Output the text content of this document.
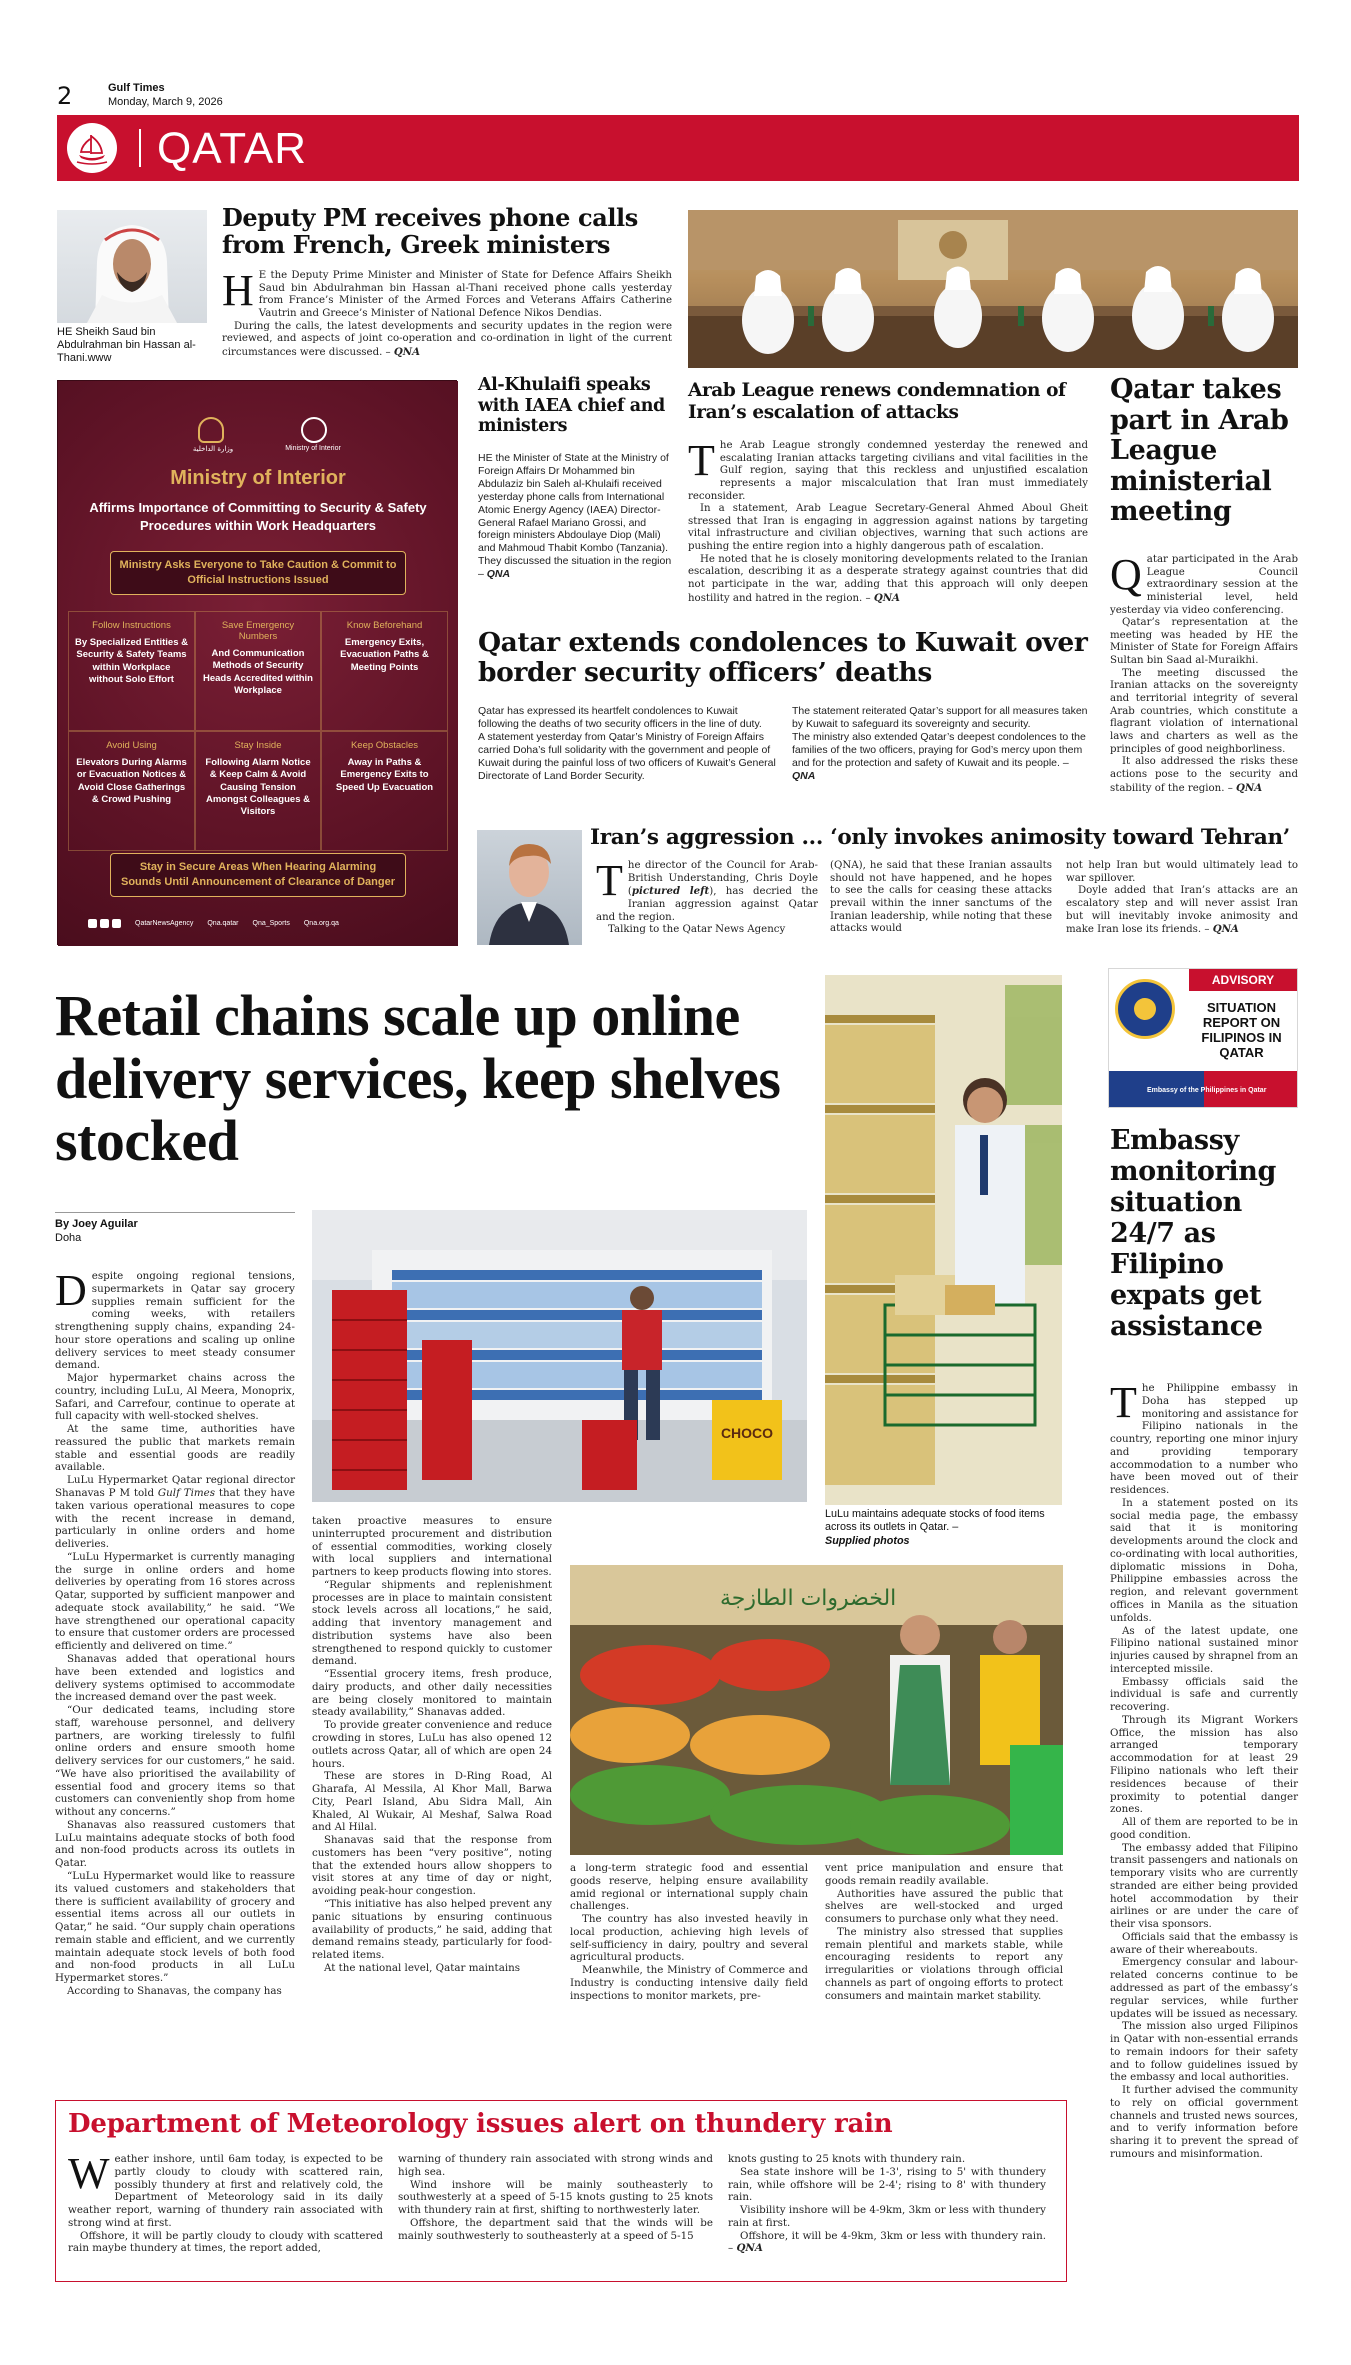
2	Gulf Times
Monday, March 9, 2026
QATAR
HE Sheikh Saud bin Abdulrahman bin Hassan al-Thani.www
Deputy PM receives phone calls from French, Greek ministers

HE the Deputy Prime Minister and Minister of State for Defence Affairs Sheikh Saud bin Abdulrahman bin Hassan al-Thani received phone calls yesterday from France’s Minister of the Armed Forces and Veterans Affairs Catherine Vautrin and Greece’s Minister of National Defence Nikos Dendias.

During the calls, the latest developments and security updates in the region were reviewed, and aspects of joint co-operation and co-ordination in light of the current circumstances were discussed. – QNA

وزارة الداخلية	Ministry of Interior
Ministry of Interior
Affirms Importance of Committing to Security & Safety Procedures within Work Headquarters
Ministry Asks Everyone to Take Caution & Commit to Official Instructions Issued
Follow Instructions
By Specialized Entities & Security & Safety Teams within Workplace without Solo Effort
Save Emergency Numbers
And Communication Methods of Security Heads Accredited within Workplace
Know Beforehand
Emergency Exits, Evacuation Paths & Meeting Points
Avoid Using
Elevators During Alarms or Evacuation Notices & Avoid Close Gatherings & Crowd Pushing
Stay Inside
Following Alarm Notice & Keep Calm & Avoid Causing Tension Amongst Colleagues & Visitors
Keep Obstacles
Away in Paths & Emergency Exits to Speed Up Evacuation
Stay in Secure Areas When Hearing Alarming Sounds Until Announcement of Clearance of Danger
QatarNewsAgency Qna.qatar Qna_Sports Qna.org.qa
Al-Khulaifi speaks with IAEA chief and ministers
HE the Minister of State at the Ministry of Foreign Affairs Dr Mohammed bin Abdulaziz bin Saleh al-Khulaifi received yesterday phone calls from International Atomic Energy Agency (IAEA) Director-General Rafael Mariano Grossi, and foreign ministers Abdoulaye Diop (Mali) and Mahmoud Thabit Kombo (Tanzania). They discussed the situation in the region – QNA
Arab League renews condemnation of Iran’s escalation of attacks

The Arab League strongly condemned yesterday the renewed and escalating Iranian attacks targeting civilians and vital facilities in the Gulf region, saying that this reckless and unjustified escalation represents a major miscalculation that Iran must immediately reconsider.

In a statement, Arab League Secretary-General Ahmed Aboul Gheit stressed that Iran is engaging in aggression against nations by targeting vital infrastructure and civilian objectives, warning that such actions are pushing the entire region into a highly dangerous path of escalation.

He noted that he is closely monitoring developments related to the Iranian escalation, describing it as a desperate strategy against countries that did not participate in the war, adding that this approach will only deepen hostility and hatred in the region. – QNA

Qatar takes part in Arab League ministerial meeting

Qatar participated in the Arab League Council extraordinary session at the ministerial level, held yesterday via video conferencing.

Qatar’s representation at the meeting was headed by HE the Minister of State for Foreign Affairs Sultan bin Saad al-Muraikhi.

The meeting discussed the Iranian attacks on the sovereignty and territorial integrity of several Arab countries, which constitute a flagrant violation of international laws and charters as well as the principles of good neighborliness.

It also addressed the risks these actions pose to the security and stability of the region. – QNA

Qatar extends condolences to Kuwait over border security officers’ deaths
Qatar has expressed its heartfelt condolences to Kuwait following the deaths of two security officers in the line of duty.
A statement yesterday from Qatar’s Ministry of Foreign Affairs carried Doha’s full solidarity with the government and people of Kuwait during the painful loss of two officers of Kuwait’s General Directorate of Land Border Security.
The statement reiterated Qatar’s support for all measures taken by Kuwait to safeguard its sovereignty and security.
The ministry also extended Qatar’s deepest condolences to the families of the two officers, praying for God’s mercy upon them and for the protection and safety of Kuwait and its people. – QNA
Iran’s aggression ... ‘only invokes animosity toward Tehran’

The director of the Council for Arab-British Understanding, Chris Doyle (pictured left), has decried the Iranian aggression against Qatar and the region.

Talking to the Qatar News Agency

(QNA), he said that these Iranian assaults should not have happened, and he hopes to see the calls for ceasing these attacks prevail within the inner sanctums of the Iranian leadership, while noting that these attacks would

not help Iran but would ultimately lead to war spillover.

Doyle added that Iran’s attacks are an escalatory step and will never assist Iran but will inevitably invoke animosity and make Iran lose its friends. – QNA

Retail chains scale up online delivery services, keep shelves stocked
By Joey Aguilar
Doha
CHOCO
LuLu maintains adequate stocks of food items across its outlets in Qatar. –
Supplied photos
الخضروات الطازجة

Despite ongoing regional tensions, supermarkets in Qatar say grocery supplies remain sufficient for the coming weeks, with retailers strengthening supply chains, expanding 24-hour store operations and scaling up online delivery services to meet steady consumer demand.

Major hypermarket chains across the country, including LuLu, Al Meera, Monoprix, Safari, and Carrefour, continue to operate at full capacity with well-stocked shelves.

At the same time, authorities have reassured the public that markets remain stable and essential goods are readily available.

LuLu Hypermarket Qatar regional director Shanavas P M told Gulf Times that they have taken various operational measures to cope with the recent increase in demand, particularly in online orders and home deliveries.

“LuLu Hypermarket is currently managing the surge in online orders and home deliveries by operating from 16 stores across Qatar, supported by sufficient manpower and adequate stock availability,” he said. “We have strengthened our operational capacity to ensure that customer orders are processed efficiently and delivered on time.”

Shanavas added that operational hours have been extended and logistics and delivery systems optimised to accommodate the increased demand over the past week.

“Our dedicated teams, including store staff, warehouse personnel, and delivery partners, are working tirelessly to fulfil online orders and ensure smooth home delivery services for our customers,” he said. “We have also prioritised the availability of essential food and grocery items so that customers can conveniently shop from home without any concerns.”

Shanavas also reassured customers that LuLu maintains adequate stocks of both food and non-food products across its outlets in Qatar.

“LuLu Hypermarket would like to reassure its valued customers and stakeholders that there is sufficient availability of grocery and essential items across all our outlets in Qatar,” he said. “Our supply chain operations remain stable and efficient, and we currently maintain adequate stock levels of both food and non-food products in all LuLu Hypermarket stores.”

According to Shanavas, the company has

taken proactive measures to ensure uninterrupted procurement and distribution of essential commodities, working closely with local suppliers and international partners to keep products flowing into stores.

“Regular shipments and replenishment processes are in place to maintain consistent stock levels across all locations,” he said, adding that inventory management and distribution systems have also been strengthened to respond quickly to customer demand.

“Essential grocery items, fresh produce, dairy products, and other daily necessities are being closely monitored to maintain steady availability,” Shanavas added.

To provide greater convenience and reduce crowding in stores, LuLu has also opened 12 outlets across Qatar, all of which are open 24 hours.

These are stores in D-Ring Road, Al Gharafa, Al Messila, Al Khor Mall, Barwa City, Pearl Island, Abu Sidra Mall, Ain Khaled, Al Wukair, Al Meshaf, Salwa Road and Al Hilal.

Shanavas said that the response from customers has been “very positive”, noting that the extended hours allow shoppers to visit stores at any time of day or night, avoiding peak-hour congestion.

“This initiative has also helped prevent any panic situations by ensuring continuous availability of products,” he said, adding that demand remains steady, particularly for food-related items.

At the national level, Qatar maintains

a long-term strategic food and essential goods reserve, helping ensure availability amid regional or international supply chain challenges.

The country has also invested heavily in local production, achieving high levels of self-sufficiency in dairy, poultry and several agricultural products.

Meanwhile, the Ministry of Commerce and Industry is conducting intensive daily field inspections to monitor markets, pre-

vent price manipulation and ensure that goods remain readily available.

Authorities have assured the public that shelves are well-stocked and urged consumers to purchase only what they need.

The ministry also stressed that supplies remain plentiful and markets stable, while encouraging residents to report any irregularities or violations through official channels as part of ongoing efforts to protect consumers and maintain market stability.

ADVISORY
SITUATION REPORT ON FILIPINOS IN QATAR
Embassy of the Philippines in Qatar
Embassy monitoring situation 24/7 as Filipino expats get assistance

The Philippine embassy in Doha has stepped up monitoring and assistance for Filipino nationals in the country, reporting one minor injury and providing temporary accommodation to a number who have been moved out of their residences.

In a statement posted on its social media page, the embassy said that it is monitoring developments around the clock and co-ordinating with local authorities, diplomatic missions in Doha, Philippine embassies across the region, and relevant government offices in Manila as the situation unfolds.

As of the latest update, one Filipino national sustained minor injuries caused by shrapnel from an intercepted missile.

Embassy officials said the individual is safe and currently recovering.

Through its Migrant Workers Office, the mission has also arranged temporary accommodation for at least 29 Filipino nationals who left their residences because of their proximity to potential danger zones.

All of them are reported to be in good condition.

The embassy added that Filipino transit passengers and nationals on temporary visits who are currently stranded are either being provided hotel accommodation by their airlines or are under the care of their visa sponsors.

Officials said that the embassy is aware of their whereabouts.

Emergency consular and labour-related concerns continue to be addressed as part of the embassy’s regular services, while further updates will be issued as necessary.

The mission also urged Filipinos in Qatar with non-essential errands to remain indoors for their safety and to follow guidelines issued by the embassy and local authorities.

It further advised the community to rely on official government channels and trusted news sources, and to verify information before sharing it to prevent the spread of rumours and misinformation.

Department of Meteorology issues alert on thundery rain

Weather inshore, until 6am today, is expected to be partly cloudy to cloudy with scattered rain, possibly thundery at first and relatively cold, the Department of Meteorology said in its daily weather report, warning of thundery rain associated with strong wind at first.

Offshore, it will be partly cloudy to cloudy with scattered rain maybe thundery at times, the report added,

warning of thundery rain associated with strong winds and high sea.

Wind inshore will be mainly southeasterly to southwesterly at a speed of 5-15 knots gusting to 25 knots with thundery rain at first, shifting to northwesterly later.

Offshore, the department said that the winds will be mainly southwesterly to southeasterly at a speed of 5-15

knots gusting to 25 knots with thundery rain.

Sea state inshore will be 1-3', rising to 5' with thundery rain, while offshore will be 2-4'; rising to 8' with thundery rain.

Visibility inshore will be 4-9km, 3km or less with thundery rain at first.

Offshore, it will be 4-9km, 3km or less with thundery rain. – QNA
